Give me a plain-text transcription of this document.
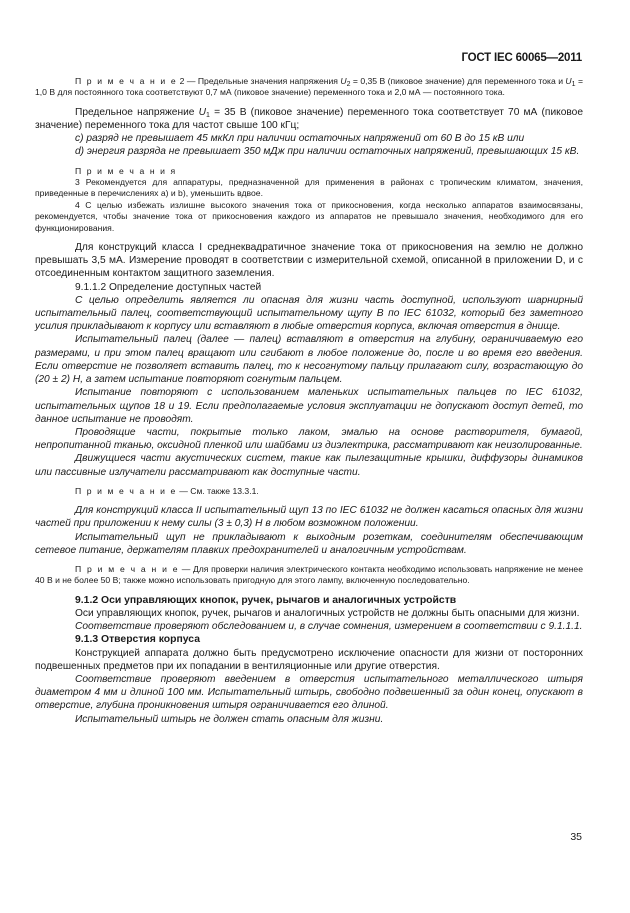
ГОСТ IEC 60065—2011

П р и м е ч а н и е 2 — Предельные значения напряжения $U_2 = 0,35$ В (пиковое значение) для переменного тока и $U_1 = 1,0$ В для постоянного тока соответствуют 0,7 мА (пиковое значение) переменного тока и 2,0 мА — постоянного тока.

Предельное напряжение $U_1 = 35$ В (пиковое значение) переменного тока соответствует 70 мА (пиковое значение) переменного тока для частот свыше 100 кГц;

c) разряд не превышает 45 мкКл при наличии остаточных напряжений от 60 В до 15 кВ или

d) энергия разряда не превышает 350 мДж при наличии остаточных напряжений, превышающих 15 кВ.

П р и м е ч а н и я

3 Рекомендуется для аппаратуры, предназначенной для применения в районах с тропическим климатом, значения, приведенные в перечислениях а) и b), уменьшить вдвое.

4 С целью избежать излишне высокого значения тока от прикосновения, когда несколько аппаратов взаимосвязаны, рекомендуется, чтобы значение тока от прикосновения каждого из аппаратов не превышало значения, необходимого для его функционирования.

Для конструкций класса I среднеквадратичное значение тока от прикосновения на землю не должно превышать 3,5 мА. Измерение проводят в соответствии с измерительной схемой, описанной в приложении D, и с отсоединенным контактом защитного заземления.

9.1.1.2 Определение доступных частей

С целью определить является ли опасная для жизни часть доступной, используют шарнирный испытательный палец, соответствующий испытательному щупу В по IEC 61032, который без заметного усилия прикладывают к корпусу или вставляют в любые отверстия корпуса, включая отверстия в днище.

Испытательный палец (далее — палец) вставляют в отверстия на глубину, ограничиваемую его размерами, и при этом палец вращают или сгибают в любое положение до, после и во время его введения. Если отверстие не позволяет вставить палец, то к несогнутому пальцу прилагают силу, возрастающую до (20 ± 2) Н, а затем испытание повторяют согнутым пальцем.

Испытание повторяют с использованием маленьких испытательных пальцев по IEC 61032, испытательных щупов 18 и 19. Если предполагаемые условия эксплуатации не допускают доступ детей, то данное испытание не проводят.

Проводящие части, покрытые только лаком, эмалью на основе растворителя, бумагой, непропитанной тканью, оксидной пленкой или шайбами из диэлектрика, рассматривают как неизолированные.

Движущиеся части акустических систем, такие как пылезащитные крышки, диффузоры динамиков или пассивные излучатели рассматривают как доступные части.

П р и м е ч а н и е — См. также 13.3.1.

Для конструкций класса II испытательный щуп 13 по IEC 61032 не должен касаться опасных для жизни частей при приложении к нему силы (3 ± 0,3) Н в любом возможном положении.

Испытательный щуп не прикладывают к выходным розеткам, соединителям обеспечивающим сетевое питание, держателям плавких предохранителей и аналогичным устройствам.

П р и м е ч а н и е — Для проверки наличия электрического контакта необходимо использовать напряжение не менее 40 В и не более 50 В; также можно использовать пригодную для этого лампу, включенную последовательно.

9.1.2 Оси управляющих кнопок, ручек, рычагов и аналогичных устройств

Оси управляющих кнопок, ручек, рычагов и аналогичных устройств не должны быть опасными для жизни.

Соответствие проверяют обследованием и, в случае сомнения, измерением в соответствии с 9.1.1.1.

9.1.3 Отверстия корпуса

Конструкцией аппарата должно быть предусмотрено исключение опасности для жизни от посторонних подвешенных предметов при их попадании в вентиляционные или другие отверстия.

Соответствие проверяют введением в отверстия испытательного металлического штыря диаметром 4 мм и длиной 100 мм. Испытательный штырь, свободно подвешенный за один конец, опускают в отверстие, глубина проникновения штыря ограничивается его длиной.

Испытательный штырь не должен стать опасным для жизни.

35
